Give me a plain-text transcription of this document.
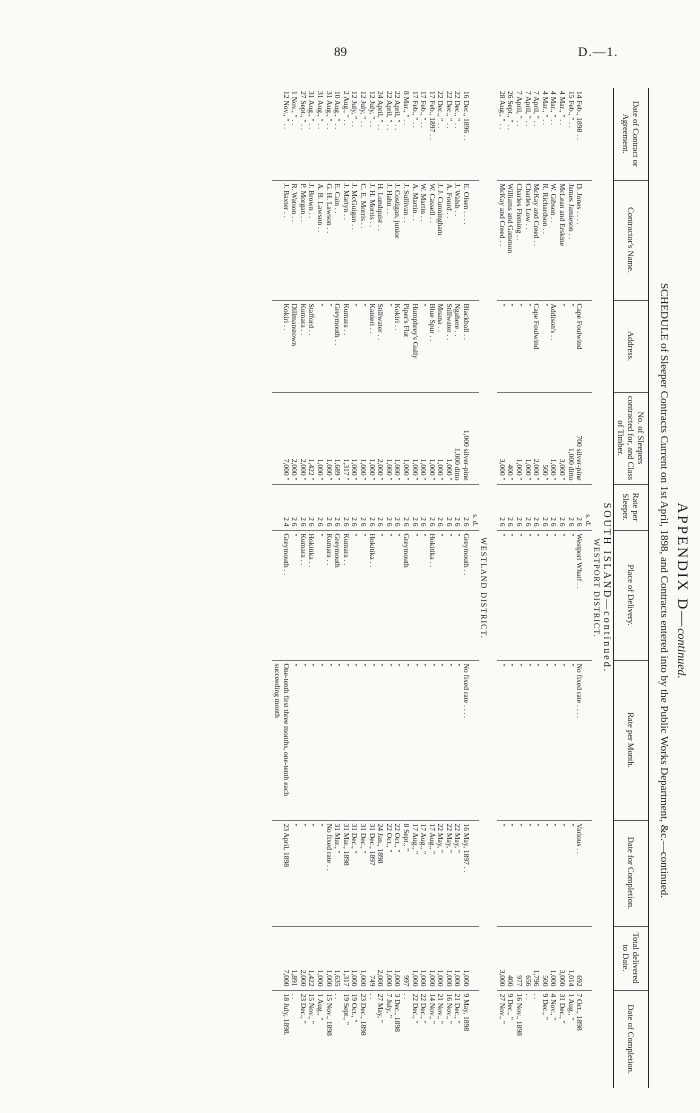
89	D.—1.
APPENDIX D—continued.
SCHEDULE of Sleeper Contracts Current on 1st April, 1898, and Contracts entered into by the Public Works Department, &c.—continued.
Date of Contract or Agreement.	Contractor's Name.	Address.	No. of Sleepers contracted for, and Class of Timber.	Rate per Sleeper.	Place of Delivery.	Rate per Month.	Date for Completion.	Total delivered to Date.	Date of Completion.
SOUTH ISLAND—continued.									
WESTPORT DISTRICT.									
				s. d.					
14 Feb., 1898 . .	D. Jones . . . .	Cape Foulwind	700 silver-pine	2 6	Westport Wharf . .	No fixed rate . . . .	Various . .	692	7 Oct., 1898
15 Feb., " . .	James Jamieson . .	"	1,000 ditto	2 6	"	"	"	1,014	1 Aug., "
4 Mar., " . .	McLean and Erskine	"	3,000 "	2 6	"	"	"	3,000	31 Dec., "
4 Mar., " . .	W. Gibson . .	Addison's . .	1,000 "	2 6	"	"	"	1,000	4 Nov., "
4 Mar., " . .	R. Richardson . .	"	500 "	2 6	"	"	"	500	9 Dec., "
7 April, " . .	McKay and Creed . .	Cape Foulwind	2,000 "	2 6	"	"	"	1,796	. .
7 April, " . .	Charles Low . .	"	1,000 "	2 6	"	"	"	656	. .
7 April, " . .	Charles Fleming . .	"	1,000 "	2 6	"	"	"	977	16 Nov., 1898
26 Sept., " . .	Williams and Gammon	"	400 "	2 6	"	"	"	400	9 Dec., "
28 Aug., " . .	McKay and Creed . .	"	3,000 "	2 6	"	"	"	3,000	27 Nov., "
WESTLAND DISTRICT.									
				s. d.					
16 Dec., 1896 . .	E. Olsen . . . .	Blackball . .	1,000 silver-pine	2 6	Greymouth . .	No fixed rate . . . .	16 May, 1897 . .	1,000	9 May, 1898
22 Dec., " . .	J. Walsh . .	Ngahere . .	1,000 ditto	2 6	"	"	22 May, "	1,000	21 Dec., "
22 Dec., " . .	A. Foord . .	Stillwater . .	1,000 "	2 6	"	"	22 May, "	1,000	16 Nov., "
22 Dec., " . .	J. J. Cunningham	Moana . .	1,000 "	2 6	"	"	22 May, "	1,000	21 Nov., "
17 Feb., 1897 . .	W. Cassell . .	Blue Spur . .	1,000 "	2 6	Hokitika . .	"	17 Aug., "	1,000	14 Nov., "
17 Feb., " . .	W. Martin . .	"	1,000 "	2 6	"	"	17 Aug., "	1,000	22 Dec., "
17 Feb., " . .	A. Martin . .	Humphrey's Gully	1,000 "	2 6	"	"	17 Aug., "	1,000	22 Dec., "
8 Mar., " . .	J. Sullivan . .	Piper's Flat	1,000 "	2 6	Greymouth	"	8 Sept., "	997	. .
22 April, " . .	J. Costigan, junior	Kokiri . .	1,000 "	2 6	"	"	22 Oct., "	1,000	3 Dec., 1898
22 April, " . .	J. Hahn . .	"	1,000 "	2 6	"	"	22 Oct., "	1,000	7 July, "
24 April, " . .	H. Lundquist . .	Stillwater . .	2,000 "	2 6	"	"	24 Jan., 1898	2,000	27 May, "
12 July, " . .	J. H. Morris . .	Kanieri . .	1,000 "	2 6	Hokitika . .	"	31 Dec., 1897	749	. .
12 July, " . .	C. E. Morris . .	"	1,000 "	2 6	"	"	31 Dec., "	1,000	23 Dec., 1898
12 July, " . .	J. McGuigan . .	"	1,000 "	2 6	"	"	31 Dec., "	1,000	19 Oct., "
2 Aug., " . .	J. Martyn . .	Kumara . .	1,317 "	2 6	Kumara . .	"	31 Mar., 1898	1,317	19 Sept., "
10 Aug., " . .	E. Cain . .	Greymouth . .	1,689 "	2 6	Greymouth	"	31 Mar., "	1,635	. .
31 Aug., " . .	G. H. Lawson . .	"	1,000 "	2 6	Kumara . .	"	No fixed rate . .	1,000	15 Nov., 1898
31 Aug., " . .	A. B. Lawson . .	"	1,000 "	2 6	"	"	"	1,000	1 Aug., "
31 Aug., " . .	J. Brown . .	Stafford . .	1,422 "	2 6	Hokitika . .	"	"	1,422	15 Nov., "
27 Sept., " . .	P. Morgan . .	Kumara . .	2,000 "	2 6	Kumara . .	"	"	2,000	23 Dec., "
1 Nov., " . .	R. Watson . .	Dillmanstown	2,000 "	2 6	"	"	"	1,891	. .
12 Nov., " . .	J. Baxter . .	Kokiri . .	7,000 "	2 4	Greymouth . .	One-tenth first three months, one-tenth each succeeding month	23 April, 1898	7,000	18 July, 1898.
